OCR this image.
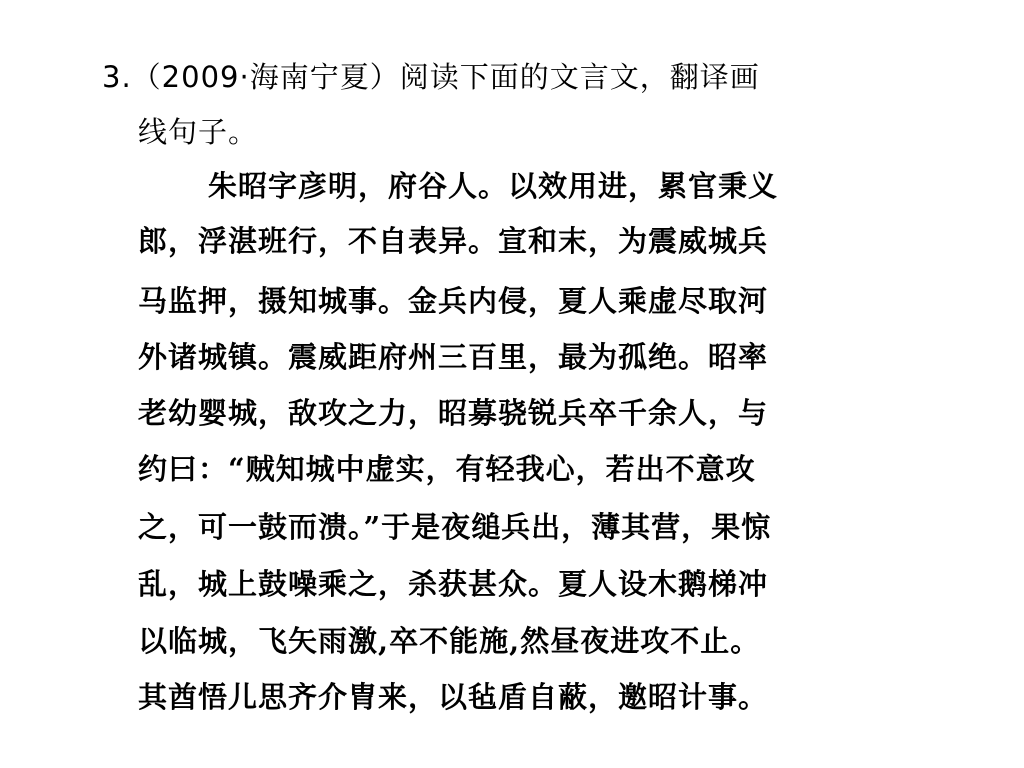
3.（2009·海南宁夏）阅读下面的文言文，翻译画
线句子。
朱昭字彦明，府谷人。以效用进，累官秉义
郎，浮湛班行，不自表异。宣和末，为震威城兵
马监押，摄知城事。金兵内侵，夏人乘虚尽取河
外诸城镇。震威距府州三百里，最为孤绝。昭率
老幼婴城，敌攻之力，昭募骁锐兵卒千余人，与
约曰：“贼知城中虚实，有轻我心，若出不意攻
之，可一鼓而溃。”于是夜缒兵出，薄其营，果惊
乱，城上鼓噪乘之，杀获甚众。夏人设木鹅梯冲
以临城，飞矢雨激,卒不能施,然昼夜进攻不止。
其酋悟儿思齐介胄来，以毡盾自蔽，邀昭计事。
